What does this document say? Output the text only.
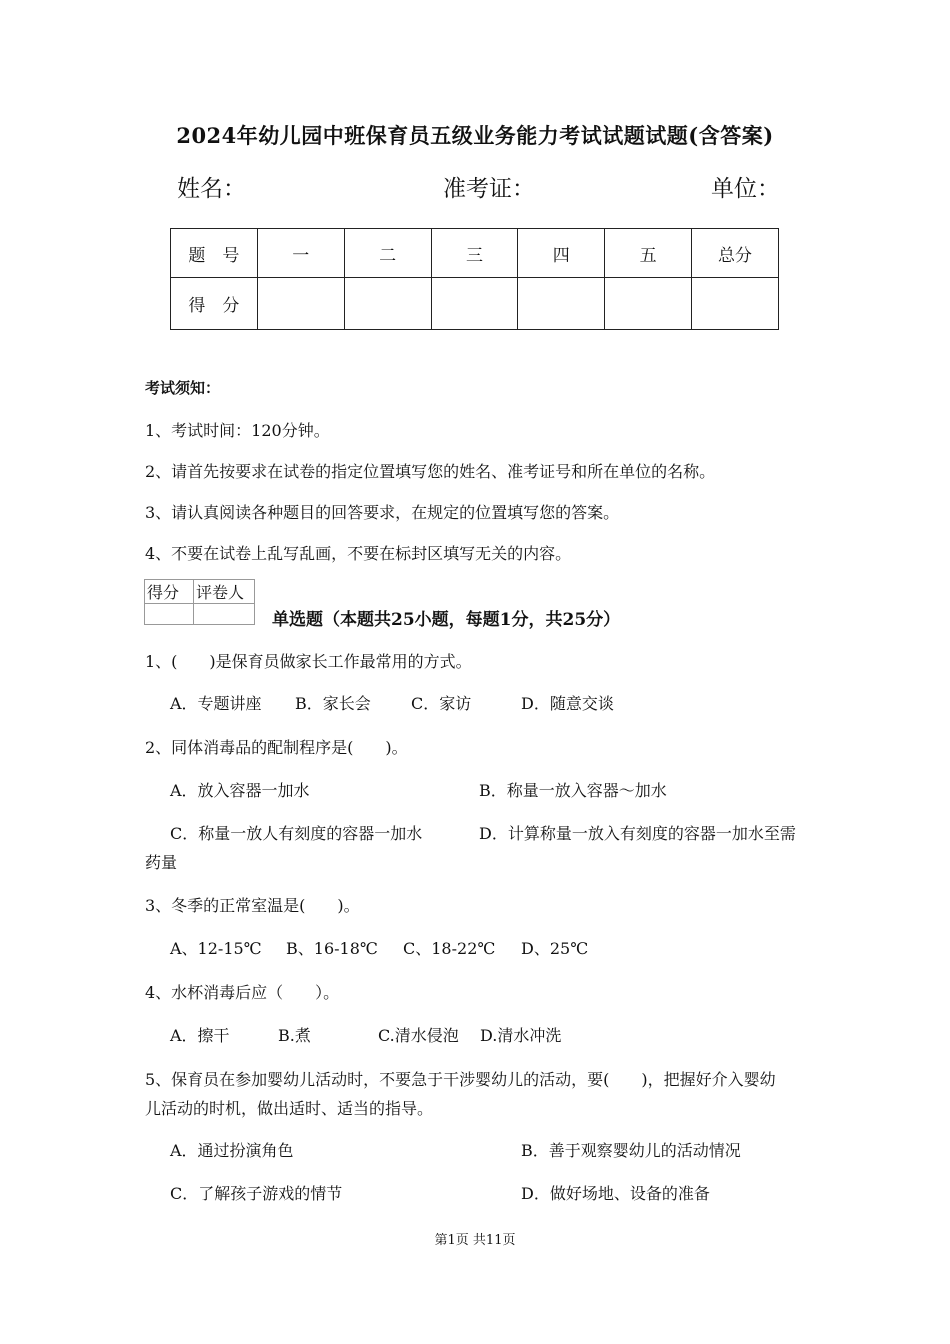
2024年幼儿园中班保育员五级业务能力考试试题试题(含答案)
姓名：	准考证：	单位：
题　号	一	二	三	四	五	总分
得　分						
考试须知：
1、考试时间：120分钟。
2、请首先按要求在试卷的指定位置填写您的姓名、准考证号和所在单位的名称。
3、请认真阅读各种题目的回答要求，在规定的位置填写您的答案。
4、不要在试卷上乱写乱画，不要在标封区填写无关的内容。
得分	评卷人

单选题（本题共25小题，每题1分，共25分）
1、(　　)是保育员做家长工作最常用的方式。
A．专题讲座 B．家长会	C．家访	D．随意交谈
2、同体消毒品的配制程序是(　　)。
A．放入容器一加水	B．称量一放入容器～加水
C．称量一放人有刻度的容器一加水	D．计算称量一放入有刻度的容器一加水至需
药量
3、冬季的正常室温是(　　)。
A、12-15℃ B、16-18℃ C、18-22℃ D、25℃
4、水杯消毒后应（　　）。
A．擦干	B.煮	C.清水侵泡 D.清水冲洗
5、保育员在参加婴幼儿活动时，不要急于干涉婴幼儿的活动，要(　　)，把握好介入婴幼
儿活动的时机，做出适时、适当的指导。
A．通过扮演角色	B．善于观察婴幼儿的活动情况
C．了解孩子游戏的情节	D．做好场地、设备的准备
第1页 共11页
